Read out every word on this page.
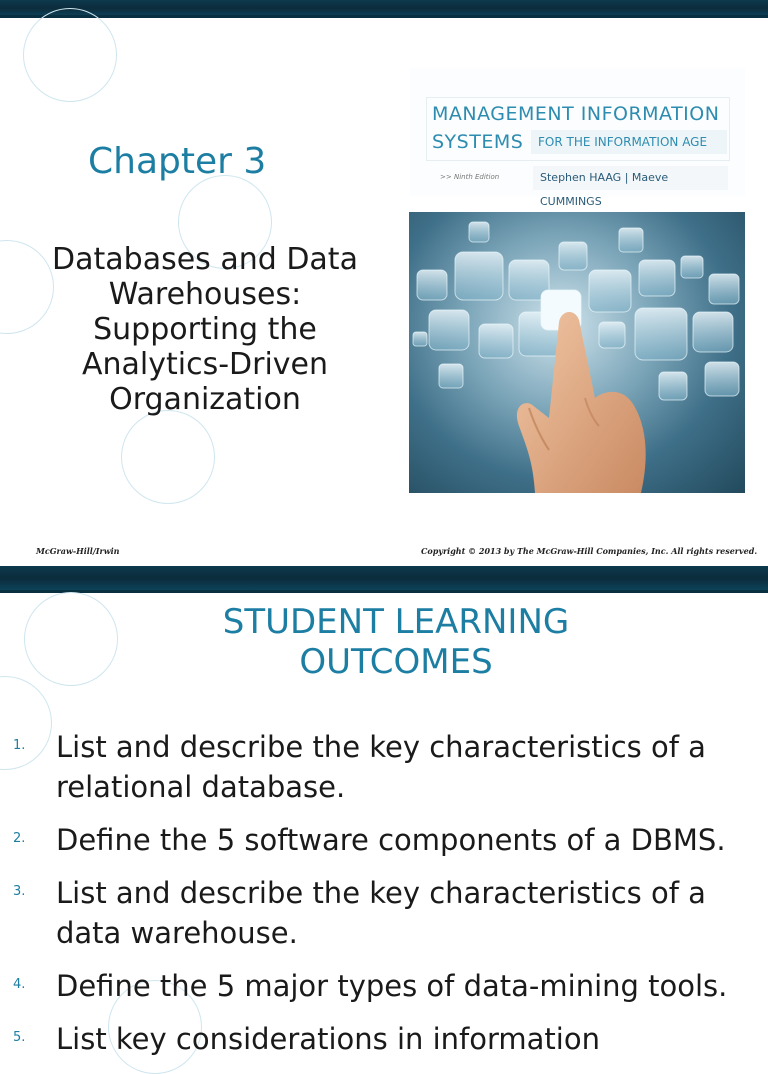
Chapter 3
Databases and Data
Warehouses:
Supporting the
Analytics-Driven
Organization
MANAGEMENT INFORMATION
SYSTEMS	FOR THE INFORMATION AGE
>> Ninth Edition	Stephen HAAG | Maeve CUMMINGS
McGraw-Hill/Irwin	Copyright © 2013 by The McGraw-Hill Companies, Inc. All rights reserved.
STUDENT LEARNING
OUTCOMES
1. List and describe the key characteristics of a relational database.
2. Define the 5 software components of a DBMS.
3. List and describe the key characteristics of a data warehouse.
4. Define the 5 major types of data-mining tools.
5. List key considerations in information
